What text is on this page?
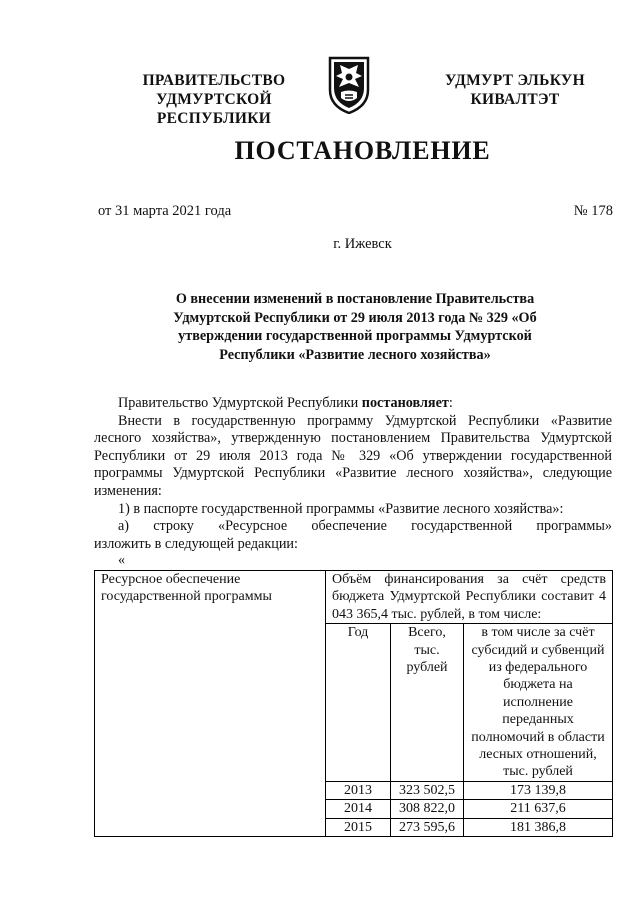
ПРАВИТЕЛЬСТВО
УДМУРТСКОЙ РЕСПУБЛИКИ
УДМУРТ ЭЛЬКУН
КИВАЛТЭТ
ПОСТАНОВЛЕНИЕ
от 31 марта 2021 года	№ 178
г. Ижевск
О внесении изменений в постановление Правительства Удмуртской Республики от 29 июля 2013 года № 329 «Об утверждении государственной программы Удмуртской Республики «Развитие лесного хозяйства»

Правительство Удмуртской Республики постановляет:

Внести в государственную программу Удмуртской Республики «Развитие лесного хозяйства», утвержденную постановлением Правительства Удмуртской Республики от 29 июля 2013 года № 329 «Об утверждении государственной программы Удмуртской Республики «Развитие лесного хозяйства», следующие изменения:

1) в паспорте государственной программы «Развитие лесного хозяйства»:

а) строку «Ресурсное обеспечение государственной программы»

изложить в следующей редакции:

«

Ресурсное обеспечение государственной программы	
Объём финансирования за счёт средств бюджета Удмуртской Республики составит 4 043 365,4 тыс. рублей, в том числе:
Год	Всего, тыс. рублей	в том числе за счёт субсидий и субвенций из федерального бюджета на исполнение переданных полномочий в области лесных отношений, тыс. рублей
2013	323 502,5	173 139,8
2014	308 822,0	211 637,6
2015	273 595,6	181 386,8
